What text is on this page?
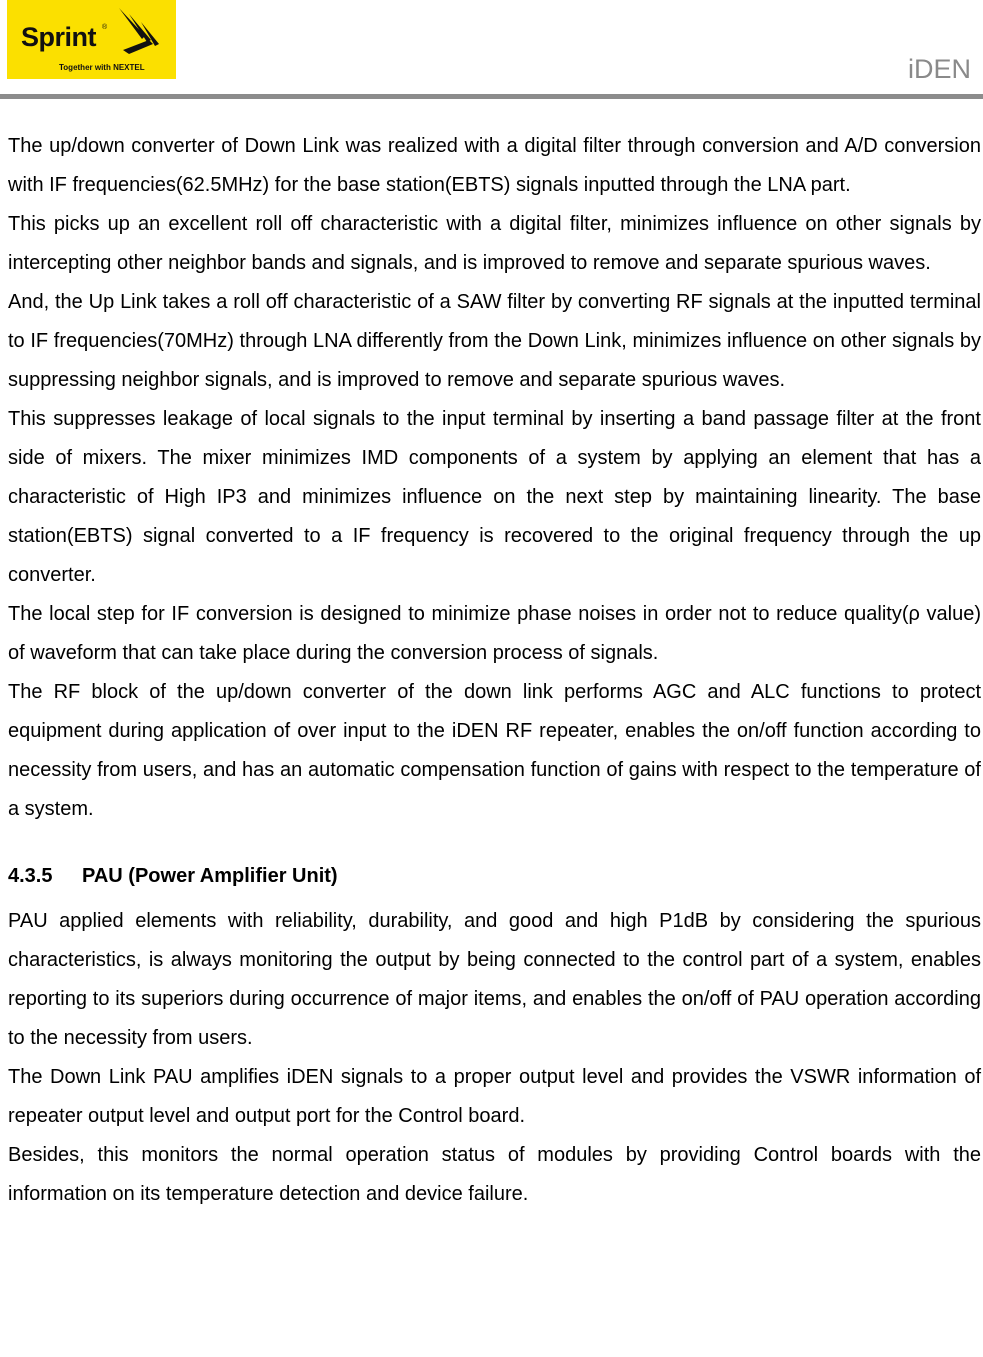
Sprint ®
Together with NEXTEL	iDEN

The up/down converter of Down Link was realized with a digital filter through conversion and A/D conversion with IF frequencies(62.5MHz) for the base station(EBTS) signals inputted through the LNA part.

This picks up an excellent roll off characteristic with a digital filter, minimizes influence on other signals by intercepting other neighbor bands and signals, and is improved to remove and separate spurious waves.

And, the Up Link takes a roll off characteristic of a SAW filter by converting RF signals at the inputted terminal to IF frequencies(70MHz) through LNA differently from the Down Link, minimizes influence on other signals by suppressing neighbor signals, and is improved to remove and separate spurious waves.

This suppresses leakage of local signals to the input terminal by inserting a band passage filter at the front side of mixers. The mixer minimizes IMD components of a system by applying an element that has a characteristic of High IP3 and minimizes influence on the next step by maintaining linearity. The base station(EBTS) signal converted to a IF frequency is recovered to the original frequency through the up converter.

The local step for IF conversion is designed to minimize phase noises in order not to reduce quality(ρ value) of waveform that can take place during the conversion process of signals.

The RF block of the up/down converter of the down link performs AGC and ALC functions to protect equipment during application of over input to the iDEN RF repeater, enables the on/off function according to necessity from users, and has an automatic compensation function of gains with respect to the temperature of a system.

4.3.5 PAU (Power Amplifier Unit)

PAU applied elements with reliability, durability, and good and high P1dB by considering the spurious characteristics, is always monitoring the output by being connected to the control part of a system, enables reporting to its superiors during occurrence of major items, and enables the on/off of PAU operation according to the necessity from users.

The Down Link PAU amplifies iDEN signals to a proper output level and provides the VSWR information of repeater output level and output port for the Control board.

Besides, this monitors the normal operation status of modules by providing Control boards with the information on its temperature detection and device failure.
